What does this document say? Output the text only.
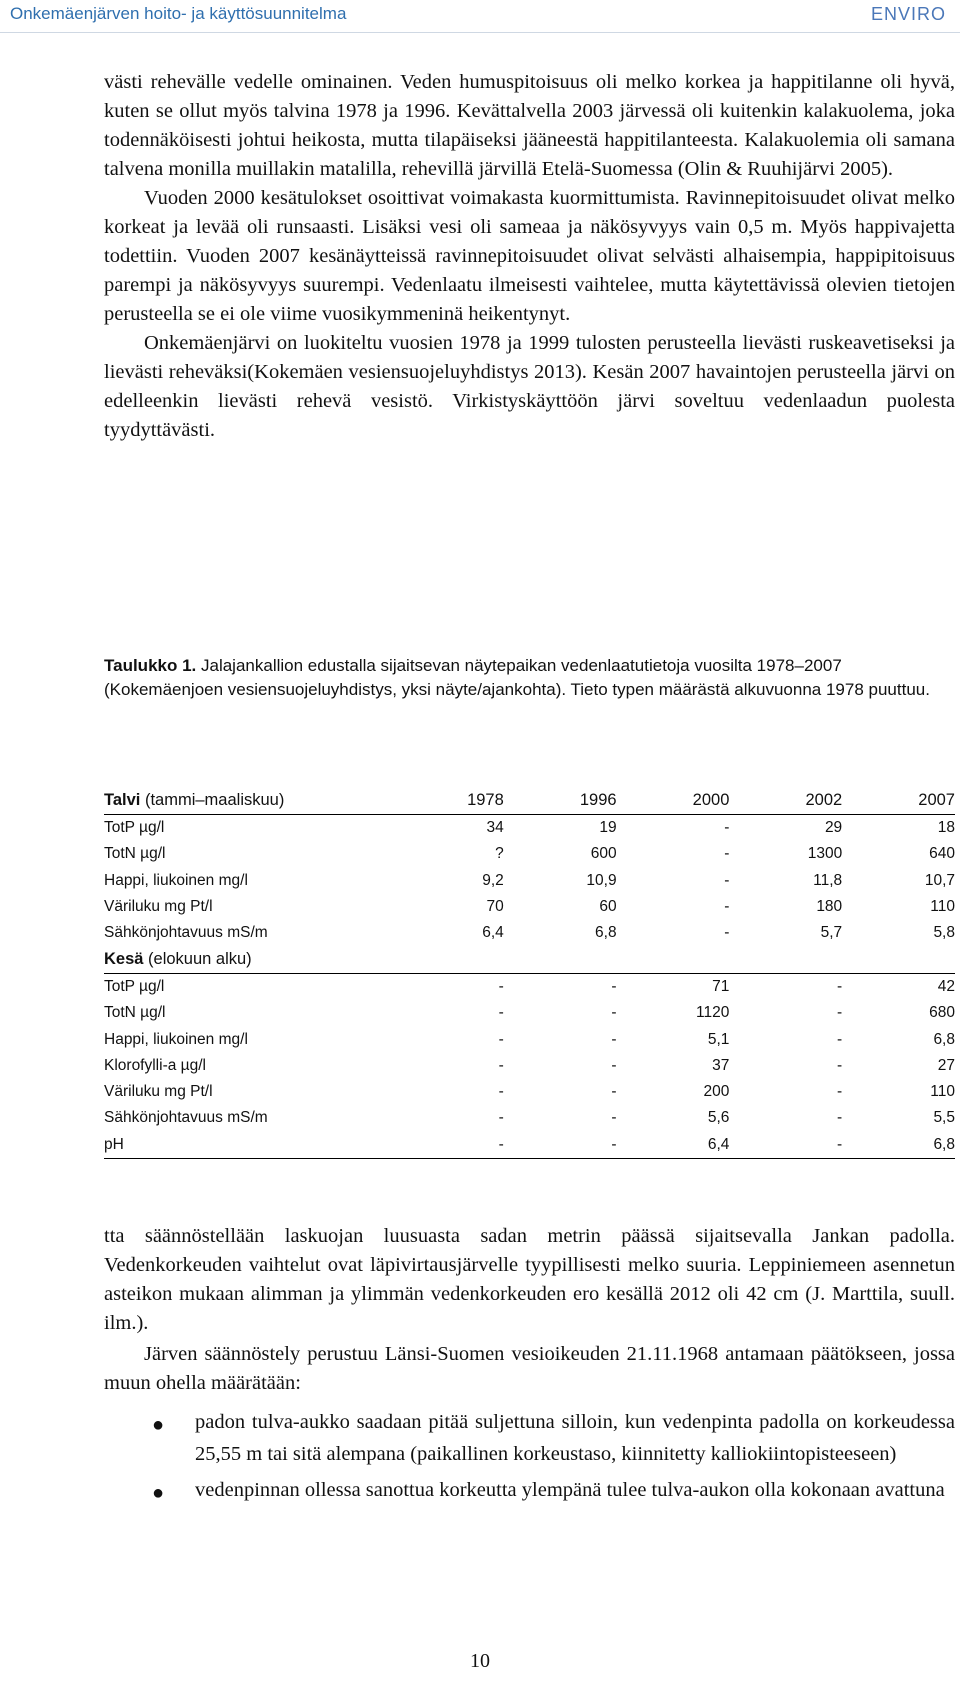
Onkemäenjärven hoito- ja käyttösuunnitelma	ENVIRO

västi rehevälle vedelle ominainen. Veden humuspitoisuus oli melko korkea ja happitilanne oli hyvä, kuten se ollut myös talvina 1978 ja 1996. Kevättalvella 2003 järvessä oli kuitenkin kalakuolema, joka todennäköisesti johtui heikosta, mutta tilapäiseksi jääneestä happitilanteesta. Kalakuolemia oli samana talvena monilla muillakin matalilla, rehevillä järvillä Etelä-Suomessa (Olin & Ruuhijärvi 2005).

Vuoden 2000 kesätulokset osoittivat voimakasta kuormittumista. Ravinnepitoisuudet olivat melko korkeat ja levää oli runsaasti. Lisäksi vesi oli sameaa ja näkösyvyys vain 0,5 m. Myös happivajetta todettiin. Vuoden 2007 kesänäytteissä ravinnepitoisuudet olivat selvästi alhaisempia, happipitoisuus parempi ja näkösyvyys suurempi. Vedenlaatu ilmeisesti vaihtelee, mutta käytettävissä olevien tietojen perusteella se ei ole viime vuosikymmeninä heikentynyt.

Onkemäenjärvi on luokiteltu vuosien 1978 ja 1999 tulosten perusteella lievästi ruskeavetiseksi ja lievästi reheväksi(Kokemäen vesiensuojeluyhdistys 2013). Kesän 2007 havaintojen perusteella järvi on edelleenkin lievästi rehevä vesistö. Virkistyskäyttöön järvi soveltuu vedenlaadun puolesta tyydyttävästi.

Taulukko 1. Jalajankallion edustalla sijaitsevan näytepaikan vedenlaatutietoja vuosilta 1978–2007 (Kokemäenjoen vesiensuojeluyhdistys, yksi näyte/ajankohta). Tieto typen määrästä alkuvuonna 1978 puuttuu.

Talvi (tammi–maaliskuu)	1978	1996	2000	2002	2007
TotP µg/l	34	19	-	29	18
TotN µg/l	?	600	-	1300	640
Happi, liukoinen mg/l	9,2	10,9	-	11,8	10,7
Väriluku mg Pt/l	70	60	-	180	110
Sähkönjohtavuus mS/m	6,4	6,8	-	5,7	5,8
Kesä (elokuun alku)					
TotP µg/l	-	-	71	-	42
TotN µg/l	-	-	1120	-	680
Happi, liukoinen mg/l	-	-	5,1	-	6,8
Klorofylli-a µg/l	-	-	37	-	27
Väriluku mg Pt/l	-	-	200	-	110
Sähkönjohtavuus mS/m	-	-	5,6	-	5,5
pH	-	-	6,4	-	6,8

tta säännöstellään laskuojan luusuasta sadan metrin päässä sijaitsevalla Jankan padolla. Vedenkorkeuden vaihtelut ovat läpivirtausjärvelle tyypillisesti melko suuria. Leppiniemeen asennetun asteikon mukaan alimman ja ylimmän vedenkorkeuden ero kesällä 2012 oli 42 cm (J. Marttila, suull. ilm.).

Järven säännöstely perustuu Länsi-Suomen vesioikeuden 21.11.1968 antamaan päätökseen, jossa muun ohella määrätään:

● padon tulva-aukko saadaan pitää suljettuna silloin, kun vedenpinta padolla on korkeudessa 25,55 m tai sitä alempana (paikallinen korkeustaso, kiinnitetty kalliokiintopisteeseen)
● vedenpinnan ollessa sanottua korkeutta ylempänä tulee tulva-aukon olla kokonaan avattuna
10
